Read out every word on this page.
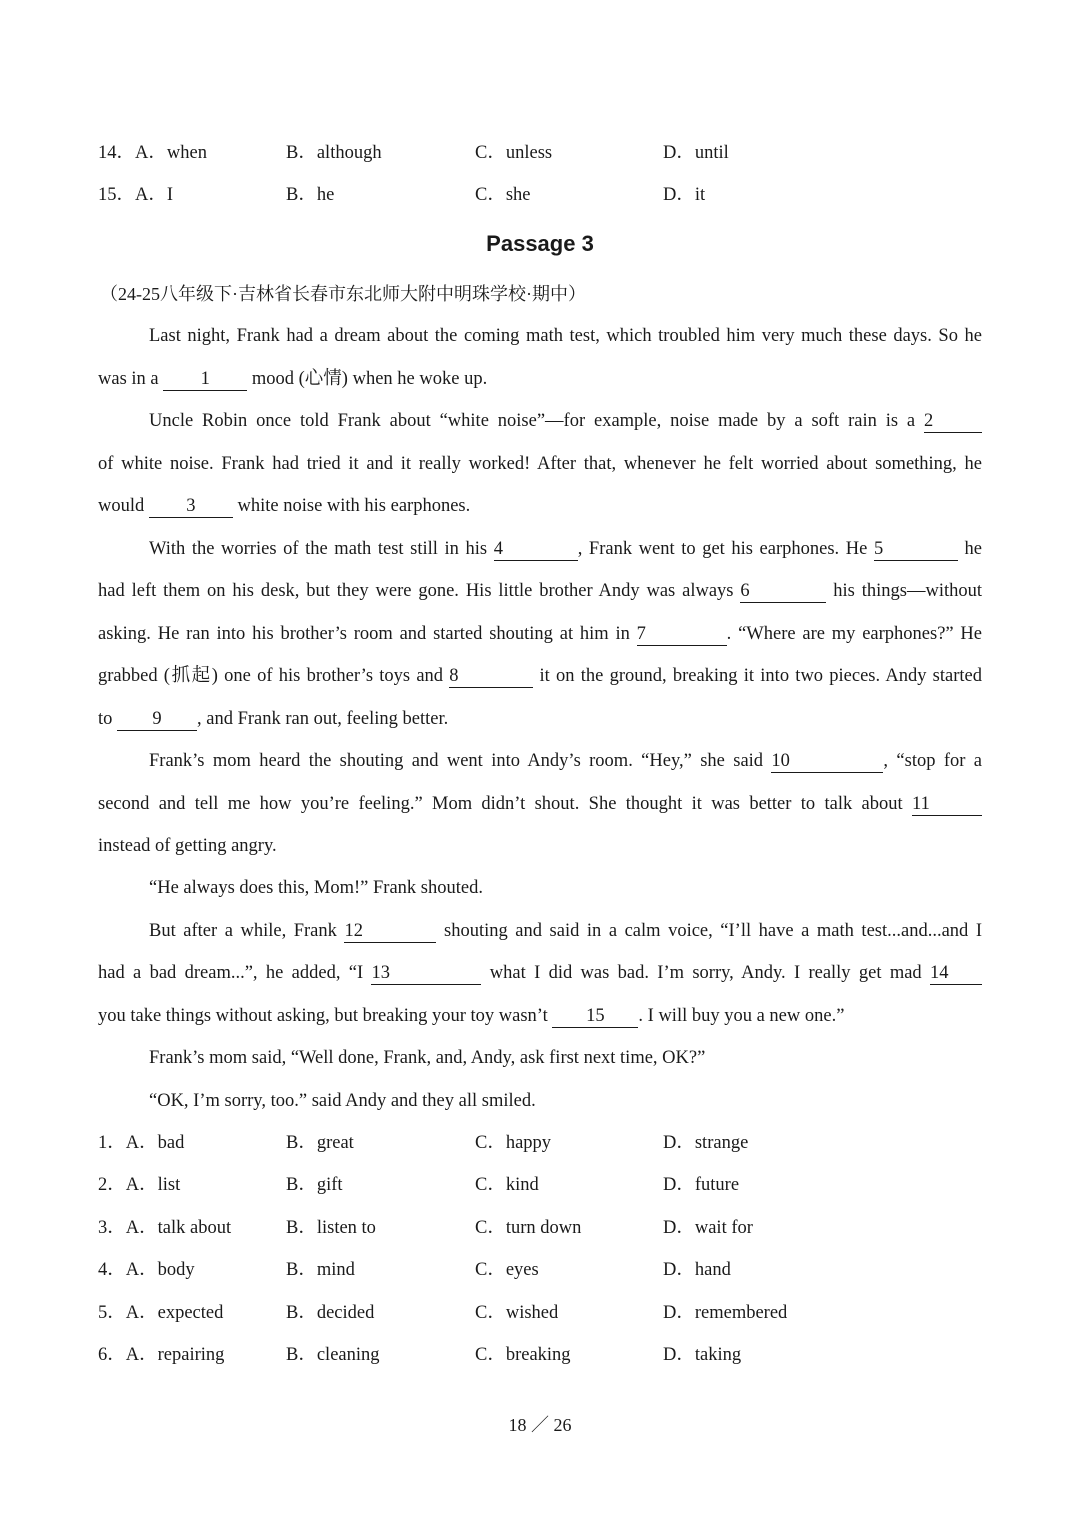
14．A．when	B．although	C．unless	D．until
15．A．I	B．he	C．she	D．it
Passage 3
（24-25八年级下·吉林省长春市东北师大附中明珠学校·期中）
Last night, Frank had a dream about the coming math test, which troubled him very much these days. So he
was in a 1 mood (心情) when he woke up.
Uncle Robin once told Frank about “white noise”—for example, noise made by a soft rain is a 2
of white noise. Frank had tried it and it really worked! After that, whenever he felt worried about something, he
would 3 white noise with his earphones.
With the worries of the math test still in his 4	, Frank went to get his earphones. He 5	he
had left them on his desk, but they were gone. His little brother Andy was always 6	his things—without
asking. He ran into his brother’s room and started shouting at him in 7	. “Where are my earphones?” He
grabbed (抓起) one of his brother’s toys and 8	it on the ground, breaking it into two pieces. Andy started
to 9 , and Frank ran out, feeling better.
Frank’s mom heard the shouting and went into Andy’s room. “Hey,” she said 10	, “stop for a
second and tell me how you’re feeling.” Mom didn’t shout. She thought it was better to talk about 11
instead of getting angry.
“He always does this, Mom!” Frank shouted.
But after a while, Frank 12	shouting and said in a calm voice, “I’ll have a math test...and...and I
had a bad dream...”, he added, “I 13	what I did was bad. I’m sorry, Andy. I really get mad 14
you take things without asking, but breaking your toy wasn’t 15 . I will buy you a new one.”
Frank’s mom said, “Well done, Frank, and, Andy, ask first next time, OK?”
“OK, I’m sorry, too.” said Andy and they all smiled.
1．A．bad	B．great	C．happy	D．strange
2．A．list	B．gift	C．kind	D．future
3．A．talk about	B．listen to	C．turn down	D．wait for
4．A．body	B．mind	C．eyes	D．hand
5．A．expected	B．decided	C．wished	D．remembered
6．A．repairing	B．cleaning	C．breaking	D．taking
18 ／ 26
